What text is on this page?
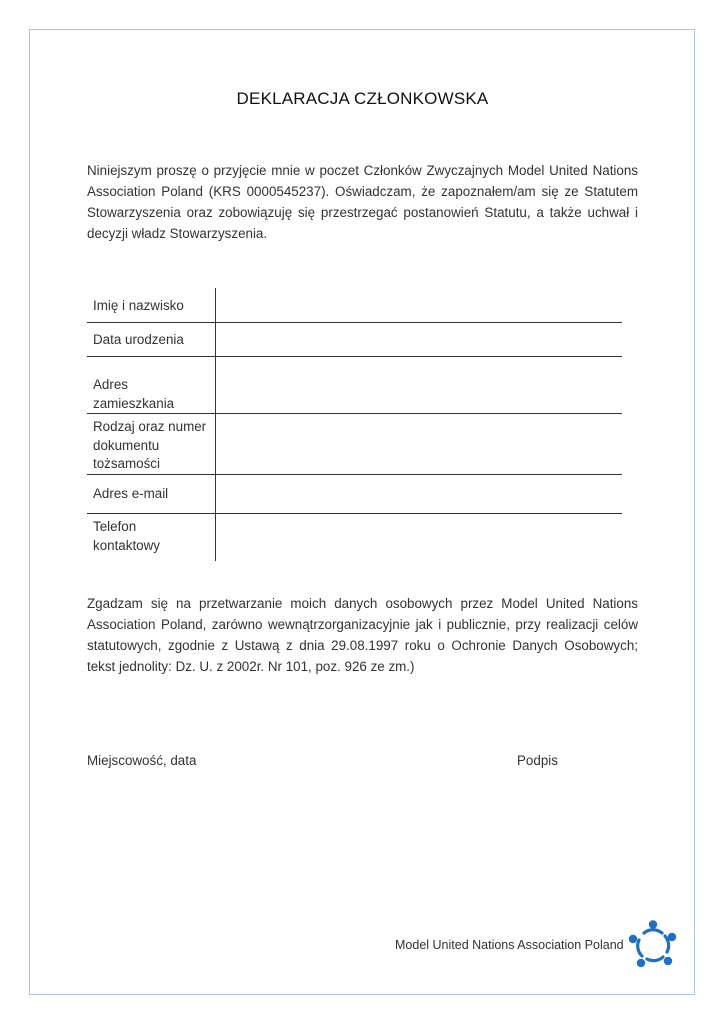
DEKLARACJA CZŁONKOWSKA
Niniejszym proszę o przyjęcie mnie w poczet Członków Zwyczajnych Model United Nations Association Poland (KRS 0000545237). Oświadczam, że zapoznałem/am się ze Statutem Stowarzyszenia oraz zobowiązuję się przestrzegać postanowień Statutu, a także uchwał i decyzji władz Stowarzyszenia.
Imię i nazwisko
Data urodzenia
Adres zamieszkania
Rodzaj oraz numer dokumentu tożsamości
Adres e-mail
Telefon kontaktowy
Zgadzam się na przetwarzanie moich danych osobowych przez Model United Nations Association Poland, zarówno wewnątrzorganizacyjnie jak i publicznie, przy realizacji celów statutowych, zgodnie z Ustawą z dnia 29.08.1997 roku o Ochronie Danych Osobowych; tekst jednolity: Dz. U. z 2002r. Nr 101, poz. 926 ze zm.)
Miejscowość, data	Podpis
Model United Nations Association Poland
